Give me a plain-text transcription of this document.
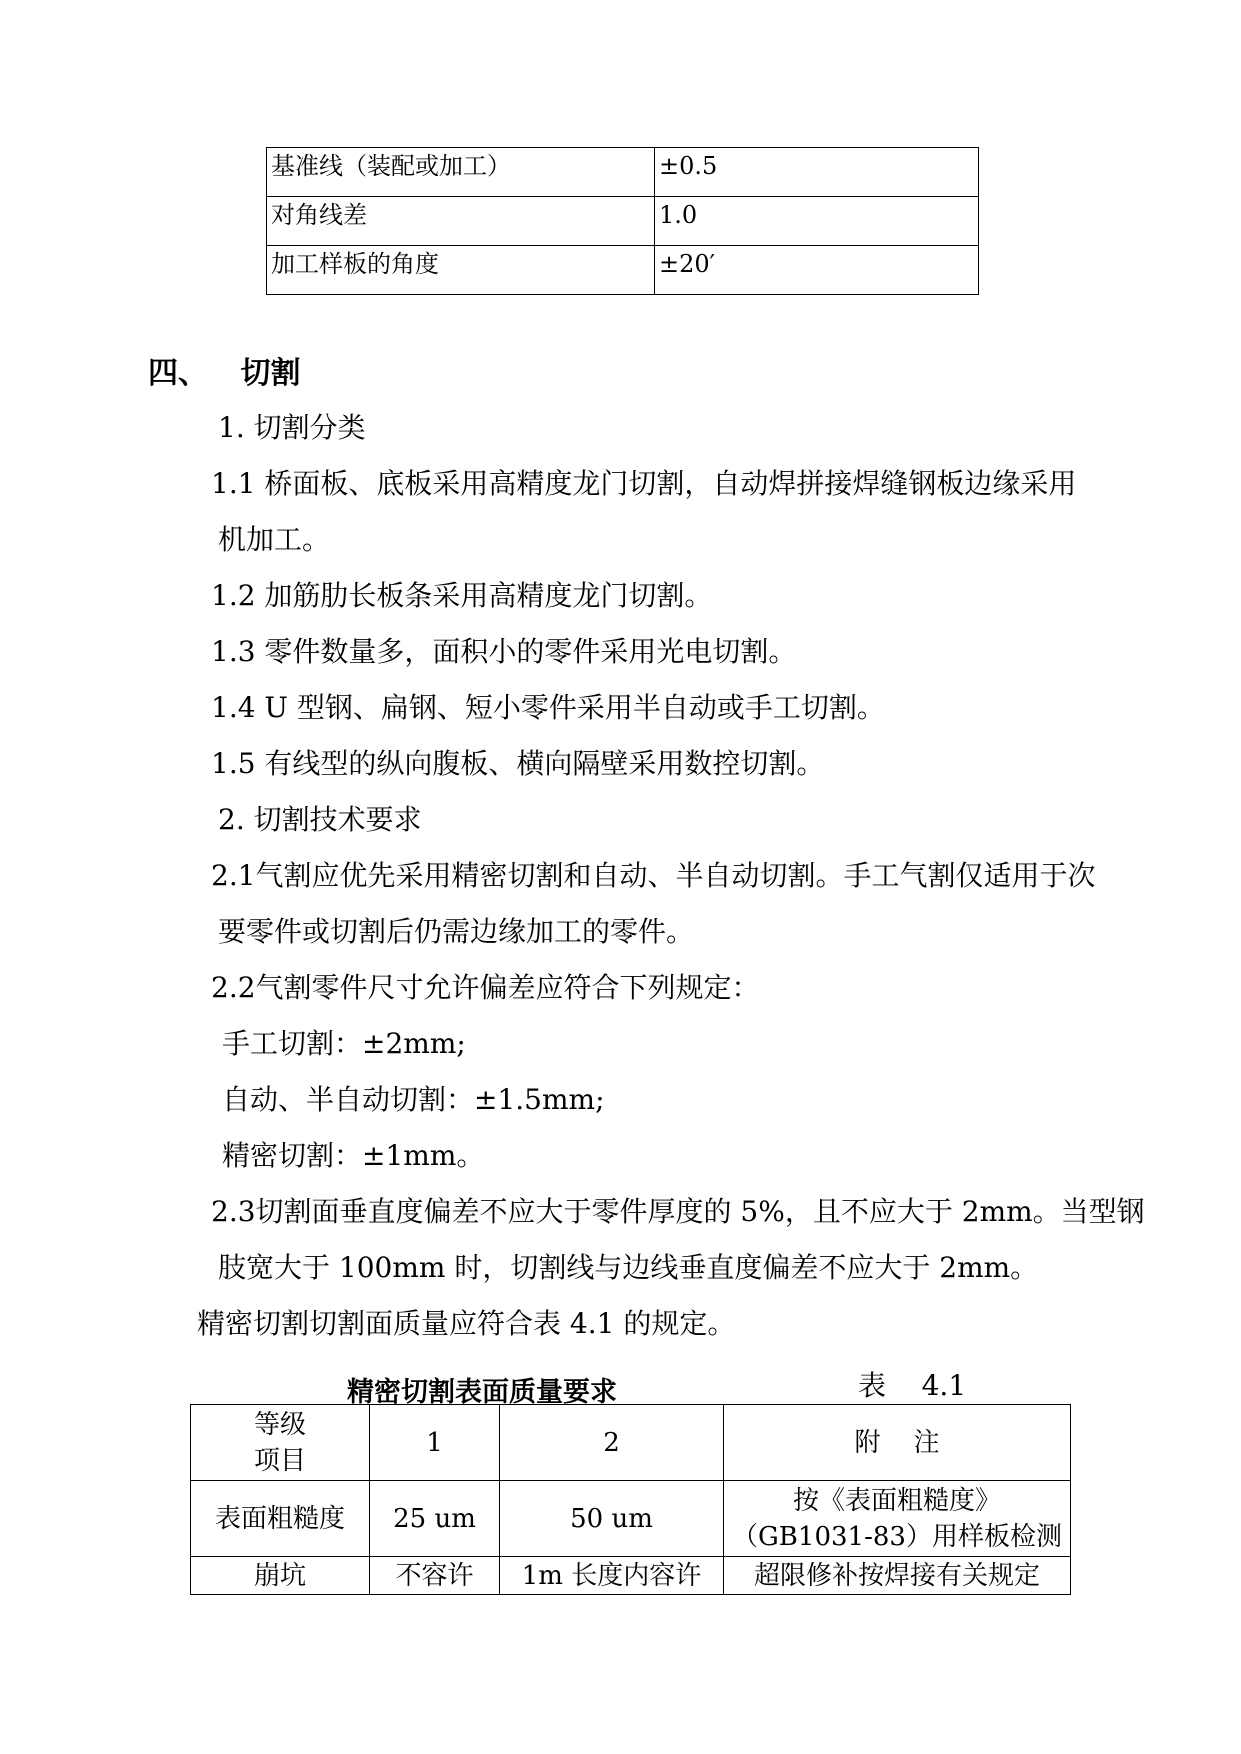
基准线（装配或加工）	±0.5
对角线差	1.0
加工样板的角度	±20′
四、 切割
1. 切割分类
1.1 桥面板、底板采用高精度龙门切割，自动焊拼接焊缝钢板边缘采用
机加工。
1.2 加筋肋长板条采用高精度龙门切割。
1.3 零件数量多，面积小的零件采用光电切割。
1.4 U 型钢、扁钢、短小零件采用半自动或手工切割。
1.5 有线型的纵向腹板、横向隔壁采用数控切割。
2. 切割技术要求
2.1气割应优先采用精密切割和自动、半自动切割。手工气割仅适用于次
要零件或切割后仍需边缘加工的零件。
2.2气割零件尺寸允许偏差应符合下列规定：
手工切割：±2mm;
自动、半自动切割：±1.5mm;
精密切割：±1mm。
2.3切割面垂直度偏差不应大于零件厚度的 5%，且不应大于 2mm。当型钢
肢宽大于 100mm 时，切割线与边线垂直度偏差不应大于 2mm。
精密切割切割面质量应符合表 4.1 的规定。
精密切割表面质量要求	表    4.1
等级
项目	1	2	附    注
表面粗糙度	25 um	50 um	按《表面粗糙度》
（GB1031-83）用样板检测

崩坑	不容许	1m 长度内容许	超限修补按焊接有关规定
